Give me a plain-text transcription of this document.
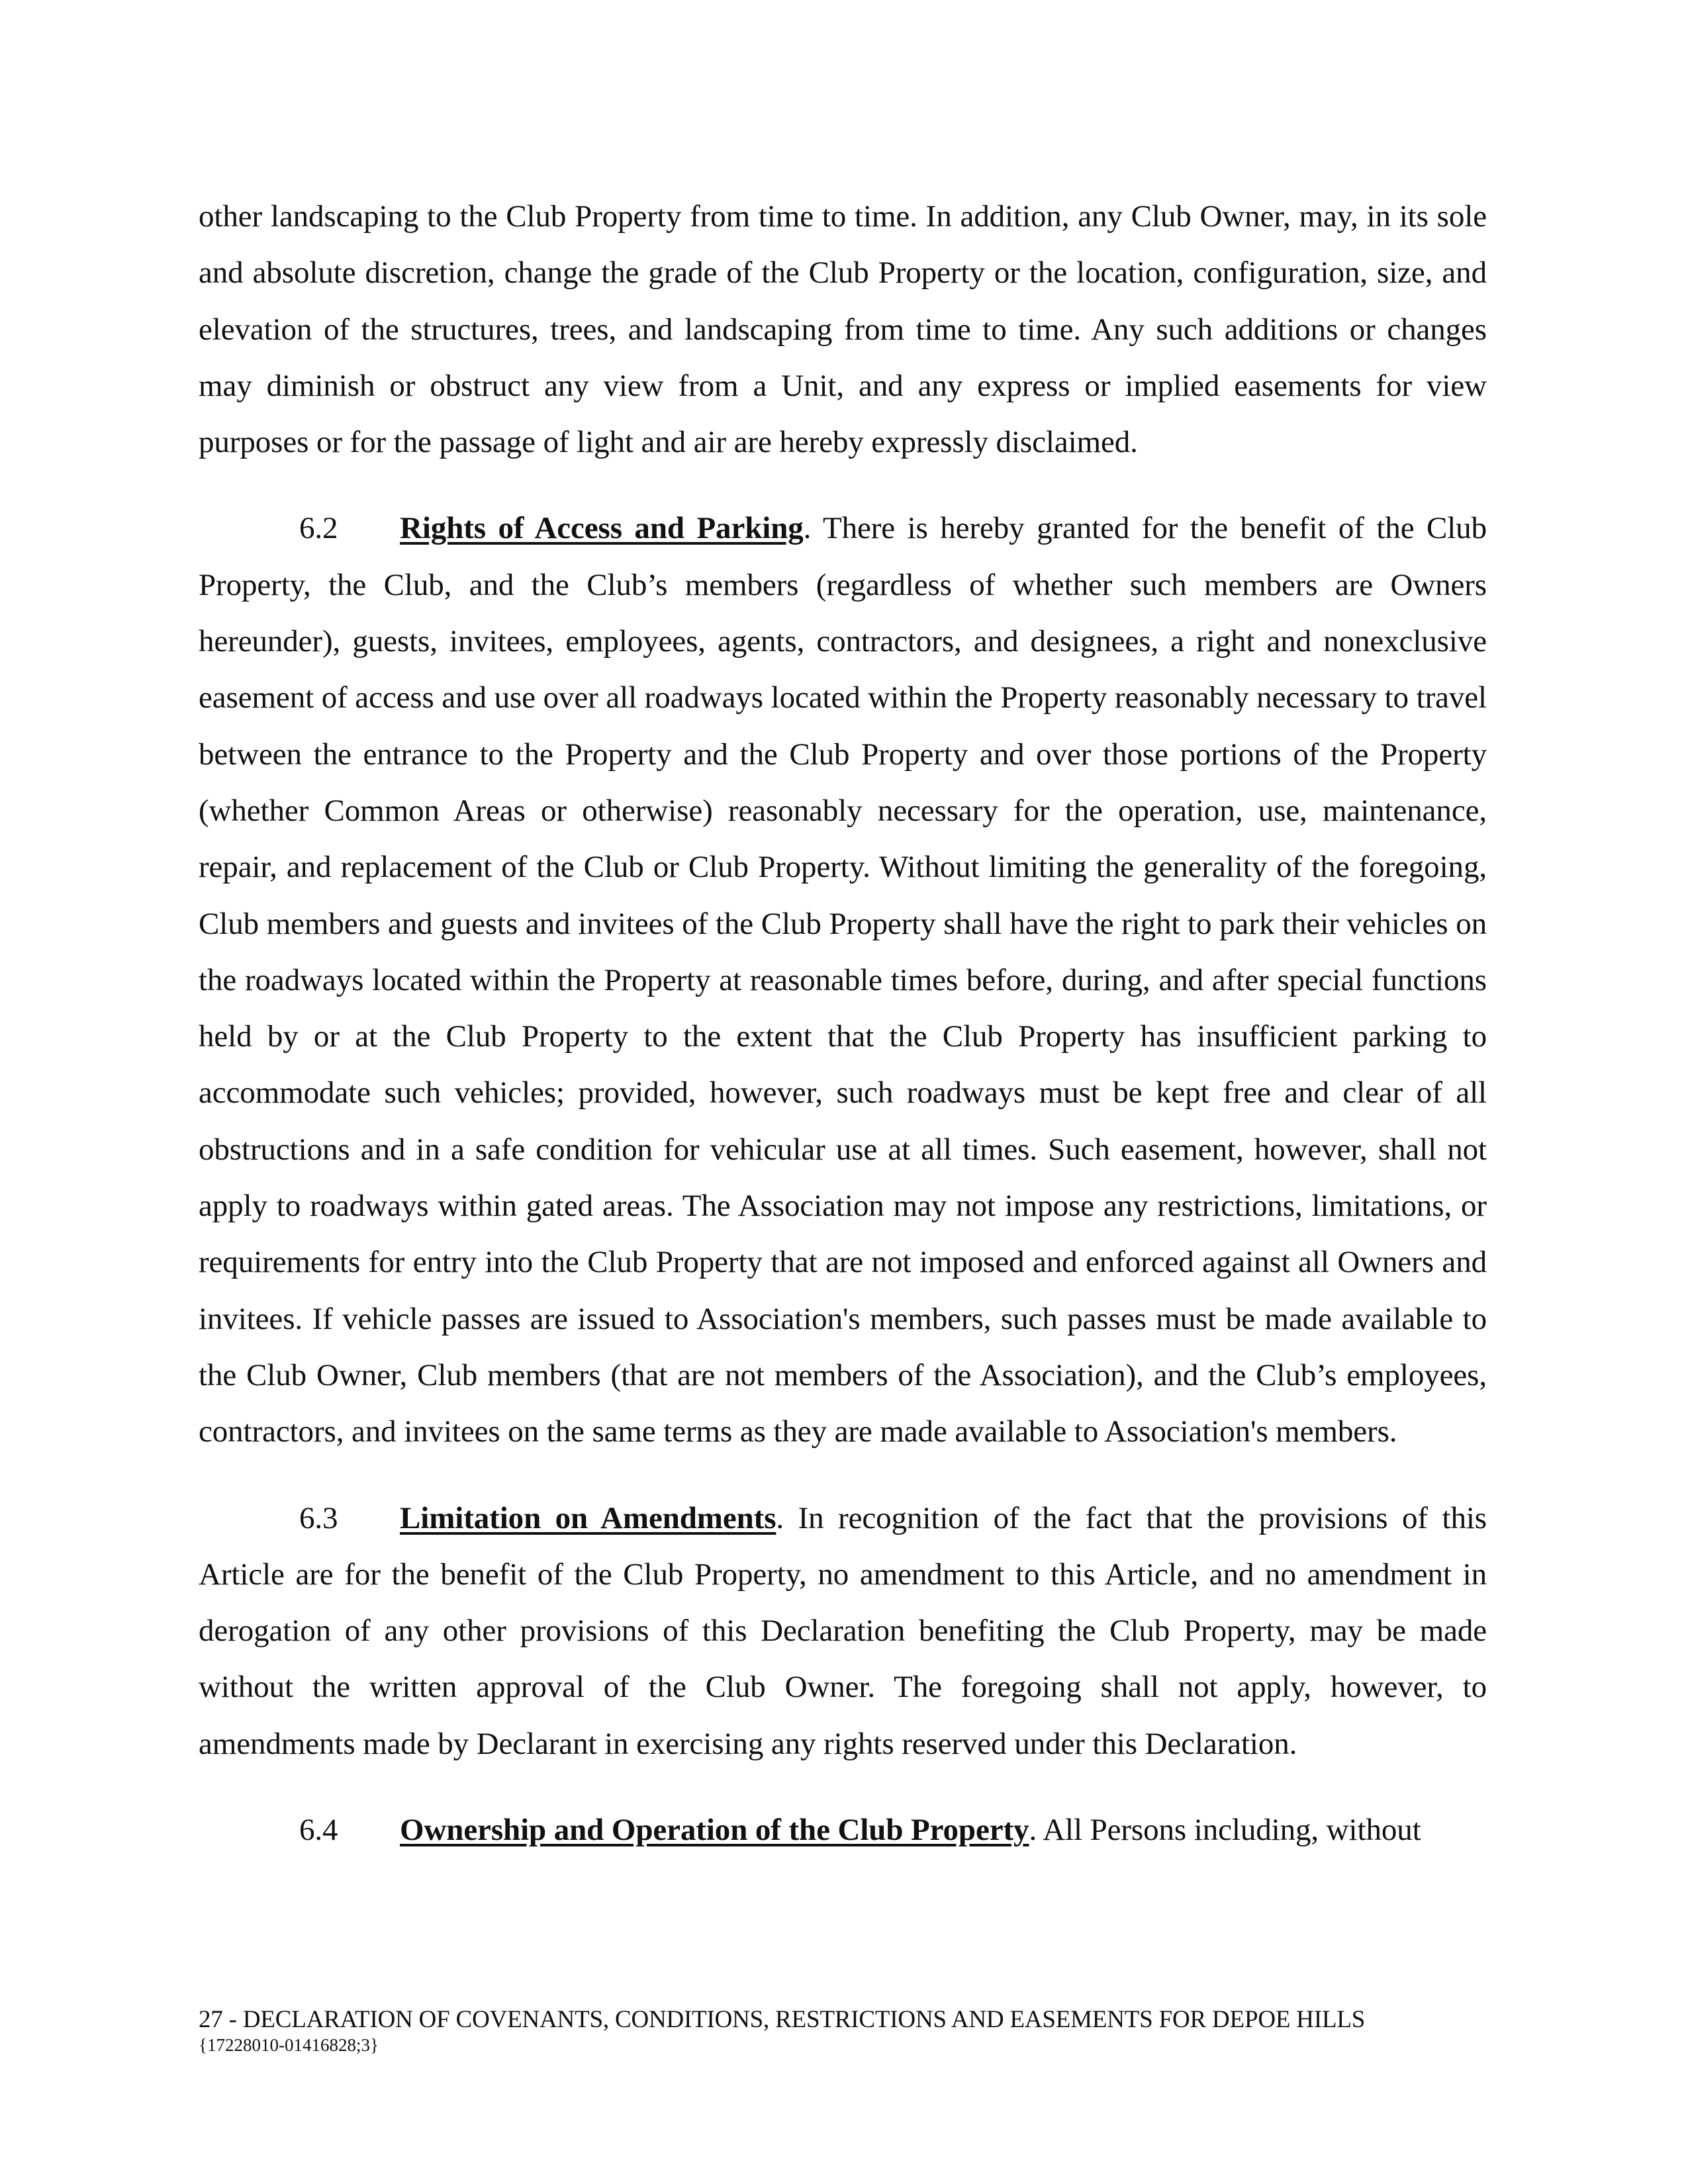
other landscaping to the Club Property from time to time. In addition, any Club Owner, may, in its sole and absolute discretion, change the grade of the Club Property or the location, configuration, size, and elevation of the structures, trees, and landscaping from time to time. Any such additions or changes may diminish or obstruct any view from a Unit, and any express or implied easements for view purposes or for the passage of light and air are hereby expressly disclaimed.

6.2 Rights of Access and Parking. There is hereby granted for the benefit of the Club Property, the Club, and the Club’s members (regardless of whether such members are Owners hereunder), guests, invitees, employees, agents, contractors, and designees, a right and nonexclusive easement of access and use over all roadways located within the Property reasonably necessary to travel between the entrance to the Property and the Club Property and over those portions of the Property (whether Common Areas or otherwise) reasonably necessary for the operation, use, maintenance, repair, and replacement of the Club or Club Property. Without limiting the generality of the foregoing, Club members and guests and invitees of the Club Property shall have the right to park their vehicles on the roadways located within the Property at reasonable times before, during, and after special functions held by or at the Club Property to the extent that the Club Property has insufficient parking to accommodate such vehicles; provided, however, such roadways must be kept free and clear of all obstructions and in a safe condition for vehicular use at all times. Such easement, however, shall not apply to roadways within gated areas. The Association may not impose any restrictions, limitations, or requirements for entry into the Club Property that are not imposed and enforced against all Owners and invitees. If vehicle passes are issued to Association's members, such passes must be made available to the Club Owner, Club members (that are not members of the Association), and the Club’s employees, contractors, and invitees on the same terms as they are made available to Association's members.

6.3 Limitation on Amendments. In recognition of the fact that the provisions of this Article are for the benefit of the Club Property, no amendment to this Article, and no amendment in derogation of any other provisions of this Declaration benefiting the Club Property, may be made without the written approval of the Club Owner. The foregoing shall not apply, however, to amendments made by Declarant in exercising any rights reserved under this Declaration.

6.4 Ownership and Operation of the Club Property. All Persons including, without

27 - DECLARATION OF COVENANTS, CONDITIONS, RESTRICTIONS AND EASEMENTS FOR DEPOE HILLS
{17228010-01416828;3}
